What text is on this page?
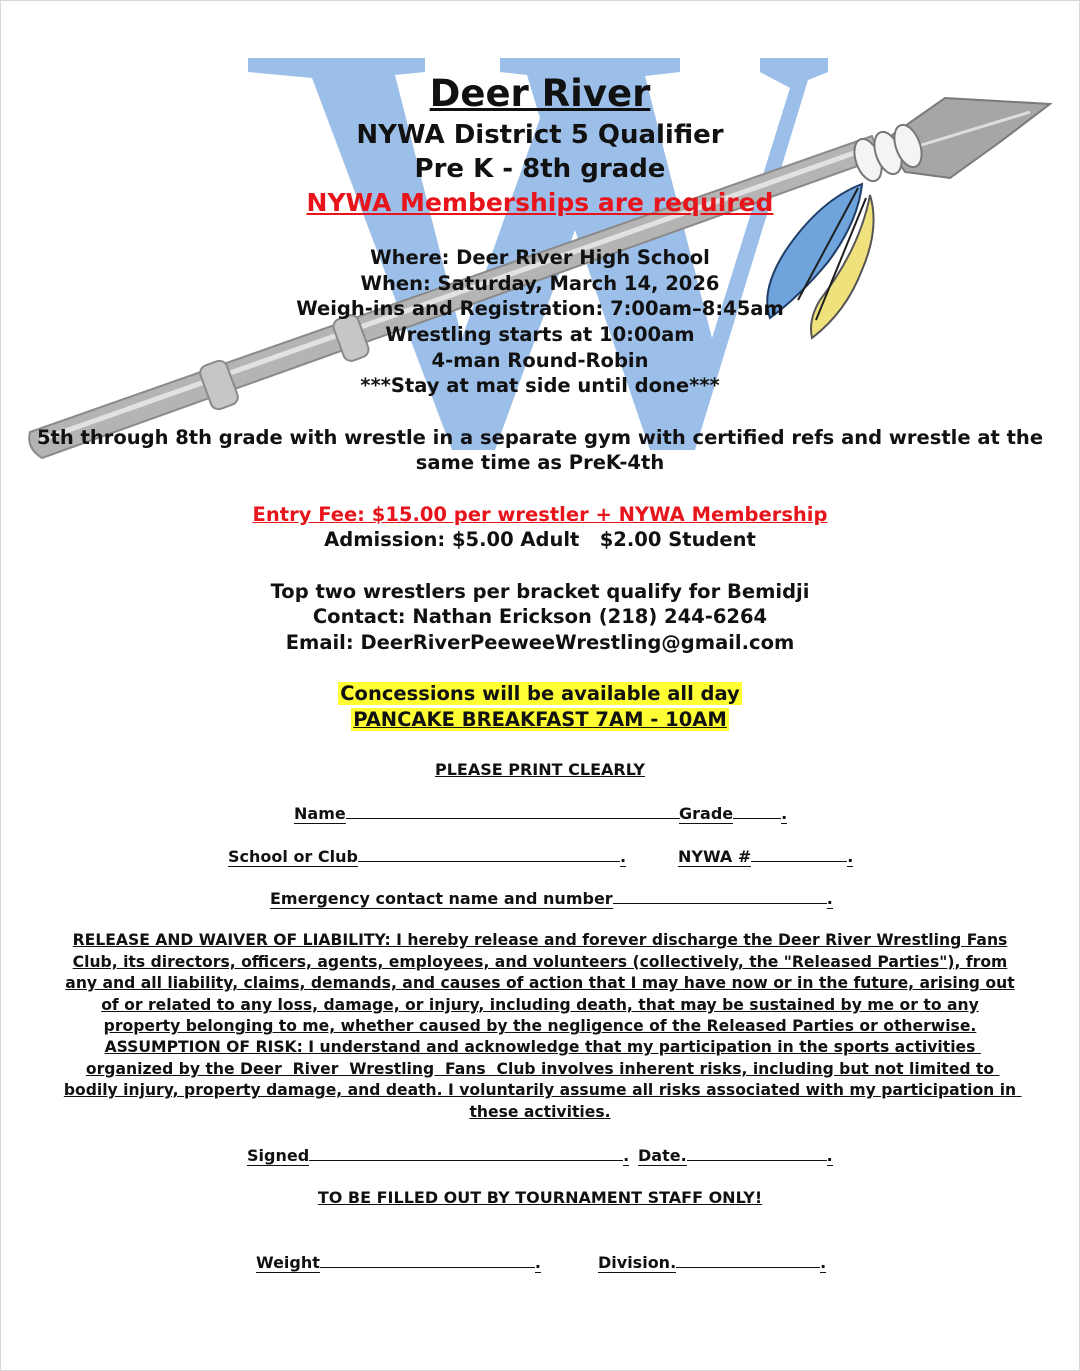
Deer River
NYWA District 5 Qualifier
Pre K - 8th grade
NYWA Memberships are required
Where: Deer River High School
When: Saturday, March 14, 2026
Weigh-ins and Registration: 7:00am–8:45am
Wrestling starts at 10:00am
4-man Round-Robin
***Stay at mat side until done***
5th through 8th grade with wrestle in a separate gym with certified refs and wrestle at the
same time as PreK-4th
Entry Fee: $15.00 per wrestler + NYWA Membership
Admission: $5.00 Adult   $2.00 Student
Top two wrestlers per bracket qualify for Bemidji
Contact: Nathan Erickson (218) 244-6264
Email: DeerRiverPeeweeWrestling@gmail.com
Concessions will be available all day
PANCAKE BREAKFAST 7AM - 10AM
PLEASE PRINT CLEARLY
Name	Grade	.
School or Club	.	NYWA #	.
Emergency contact name and number	.
RELEASE AND WAIVER OF LIABILITY: I hereby release and forever discharge the Deer River Wrestling Fans Club, its directors, officers, agents, employees, and volunteers (collectively, the "Released Parties"), from any and all liability, claims, demands, and causes of action that I may have now or in the future, arising out of or related to any loss, damage, or injury, including death, that may be sustained by me or to any property belonging to me, whether caused by the negligence of the Released Parties or otherwise.
ASSUMPTION OF RISK: I understand and acknowledge that my participation in the sports activities organized by the Deer  River  Wrestling  Fans  Club involves inherent risks, including but not limited to bodily injury, property damage, and death. I voluntarily assume all risks associated with my participation in these activities.
Signed	. Date.	.
TO BE FILLED OUT BY TOURNAMENT STAFF ONLY!
Weight	.	Division.	.
